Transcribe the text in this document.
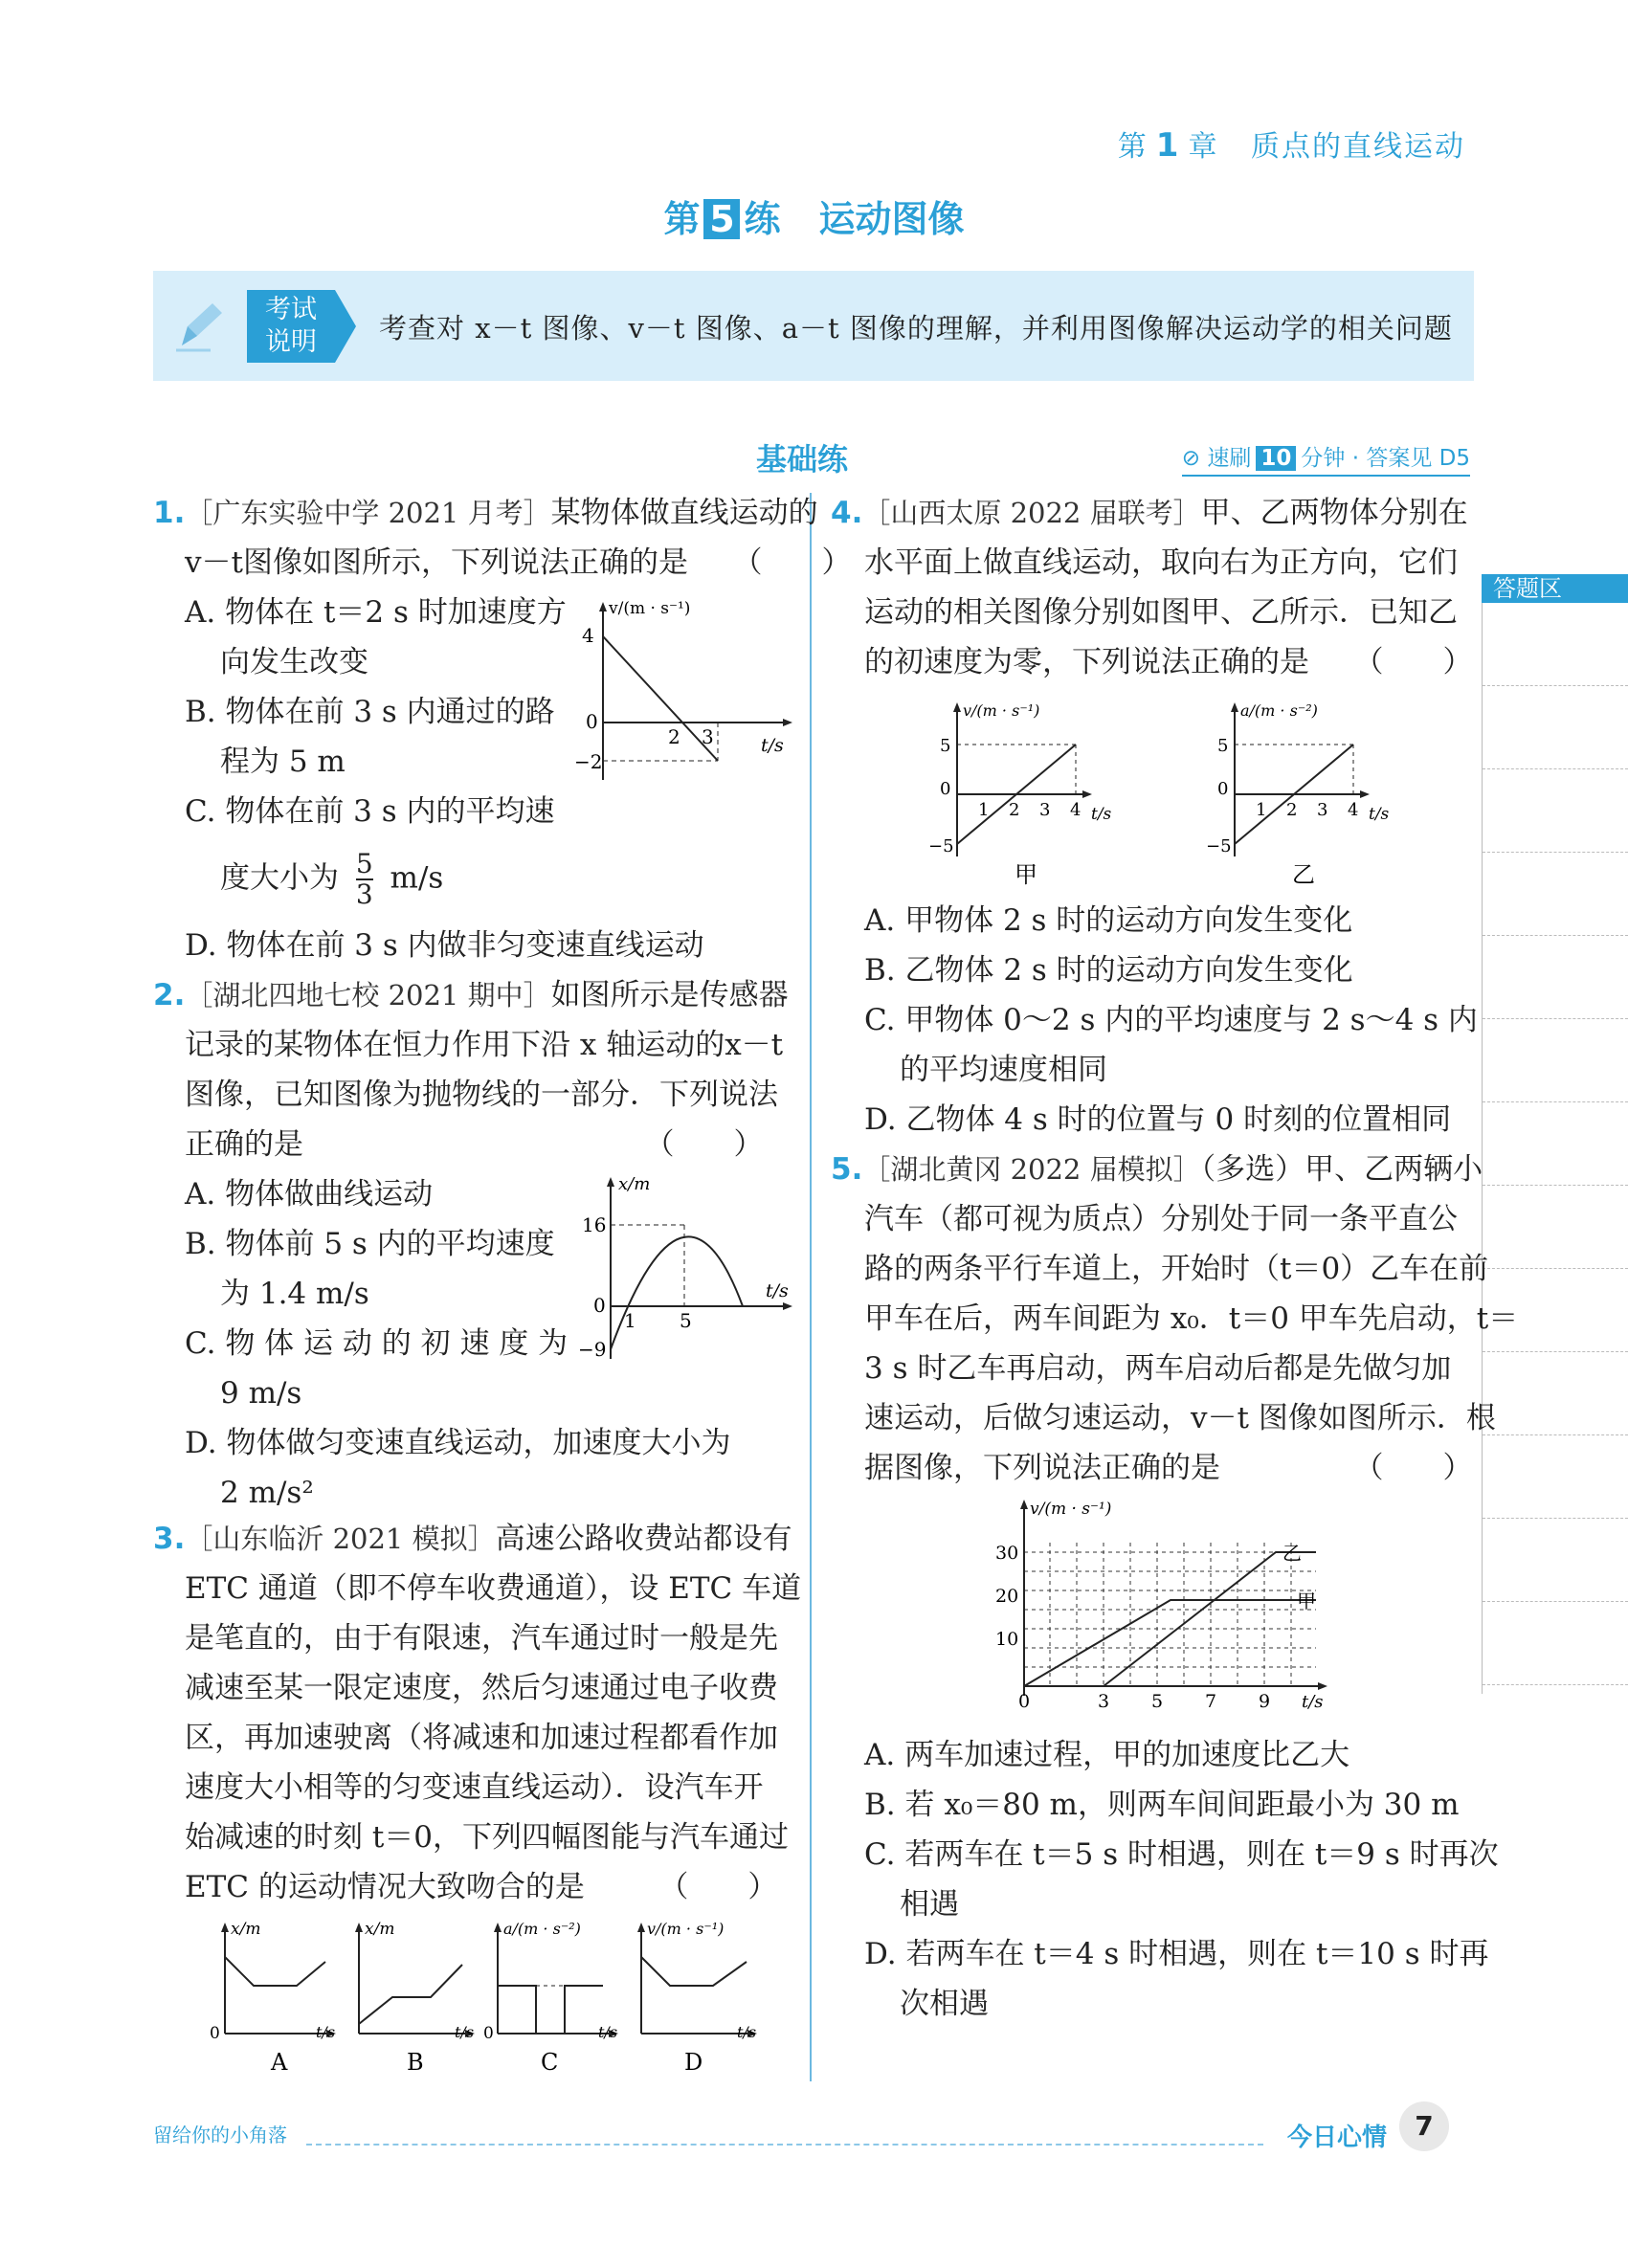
第 1 章 质点的直线运动
第 5 练 运动图像
考试
说明	考查对 x－t 图像、v－t 图像、a－t 图像的理解，并利用图像解决运动学的相关问题
基础练	⊘ 速刷 10 分钟 · 答案见 D5
答题区
1.［广东实验中学 2021 月考］某物体做直线运动的
v－t图像如图所示，下列说法正确的是　　（　　）
A. 物体在 t＝2 s 时加速度方
向发生改变
B. 物体在前 3 s 内通过的路
程为 5 m
C. 物体在前 3 s 内的平均速
度大小为 $\frac{5}{3} m/s$
D. 物体在前 3 s 内做非匀变速直线运动
v/(m · s⁻¹)
4
0
−2
2 3	t/s
2.［湖北四地七校 2021 期中］如图所示是传感器
记录的某物体在恒力作用下沿 x 轴运动的x－t
图像，已知图像为抛物线的一部分．下列说法
正确的是　　　　　　　　　　　　（　　）
A. 物体做曲线运动
B. 物体前 5 s 内的平均速度
为 1.4 m/s
C. 物 体 运 动 的 初 速 度 为
9 m/s
D. 物体做匀变速直线运动，加速度大小为
2 m/s²
x/m
16
0
−9
1 5
t/s
3.［山东临沂 2021 模拟］高速公路收费站都设有
ETC 通道（即不停车收费通道），设 ETC 车道
是笔直的，由于有限速，汽车通过时一般是先
减速至某一限定速度，然后匀速通过电子收费
区，再加速驶离（将减速和加速过程都看作加
速度大小相等的匀变速直线运动）．设汽车开
始减速的时刻 t＝0，下列四幅图能与汽车通过
ETC 的运动情况大致吻合的是　　　（　　）
x/m
0	t/s
A
x/m
t/s
B
a/(m · s⁻²)
0	t/s
C
v/(m · s⁻¹)
t/s
D
4.［山西太原 2022 届联考］甲、乙两物体分别在
水平面上做直线运动，取向右为正方向，它们
运动的相关图像分别如图甲、乙所示．已知乙
的初速度为零，下列说法正确的是　　（　　）
v/(m · s⁻¹)
5
0
−5
1 2 3 4 t/s
甲
a/(m · s⁻²)
5
0
−5
1 2 3 4 t/s
乙
A. 甲物体 2 s 时的运动方向发生变化
B. 乙物体 2 s 时的运动方向发生变化
C. 甲物体 0～2 s 内的平均速度与 2 s～4 s 内
的平均速度相同
D. 乙物体 4 s 时的位置与 0 时刻的位置相同
5.［湖北黄冈 2022 届模拟］（多选）甲、乙两辆小
汽车（都可视为质点）分别处于同一条平直公
路的两条平行车道上，开始时（t＝0）乙车在前
甲车在后，两车间距为 x₀．t＝0 甲车先启动，t＝
3 s 时乙车再启动，两车启动后都是先做匀加
速运动，后做匀速运动，v－t 图像如图所示．根
据图像，下列说法正确的是　　　　　（　　）
v/(m · s⁻¹)
30
20
10
0	3 5 7 9 t/s
乙
甲
A. 两车加速过程，甲的加速度比乙大
B. 若 x₀＝80 m，则两车间间距最小为 30 m
C. 若两车在 t＝5 s 时相遇，则在 t＝9 s 时再次
相遇
D. 若两车在 t＝4 s 时相遇，则在 t＝10 s 时再
次相遇
留给你的小角落	今日心情	7
